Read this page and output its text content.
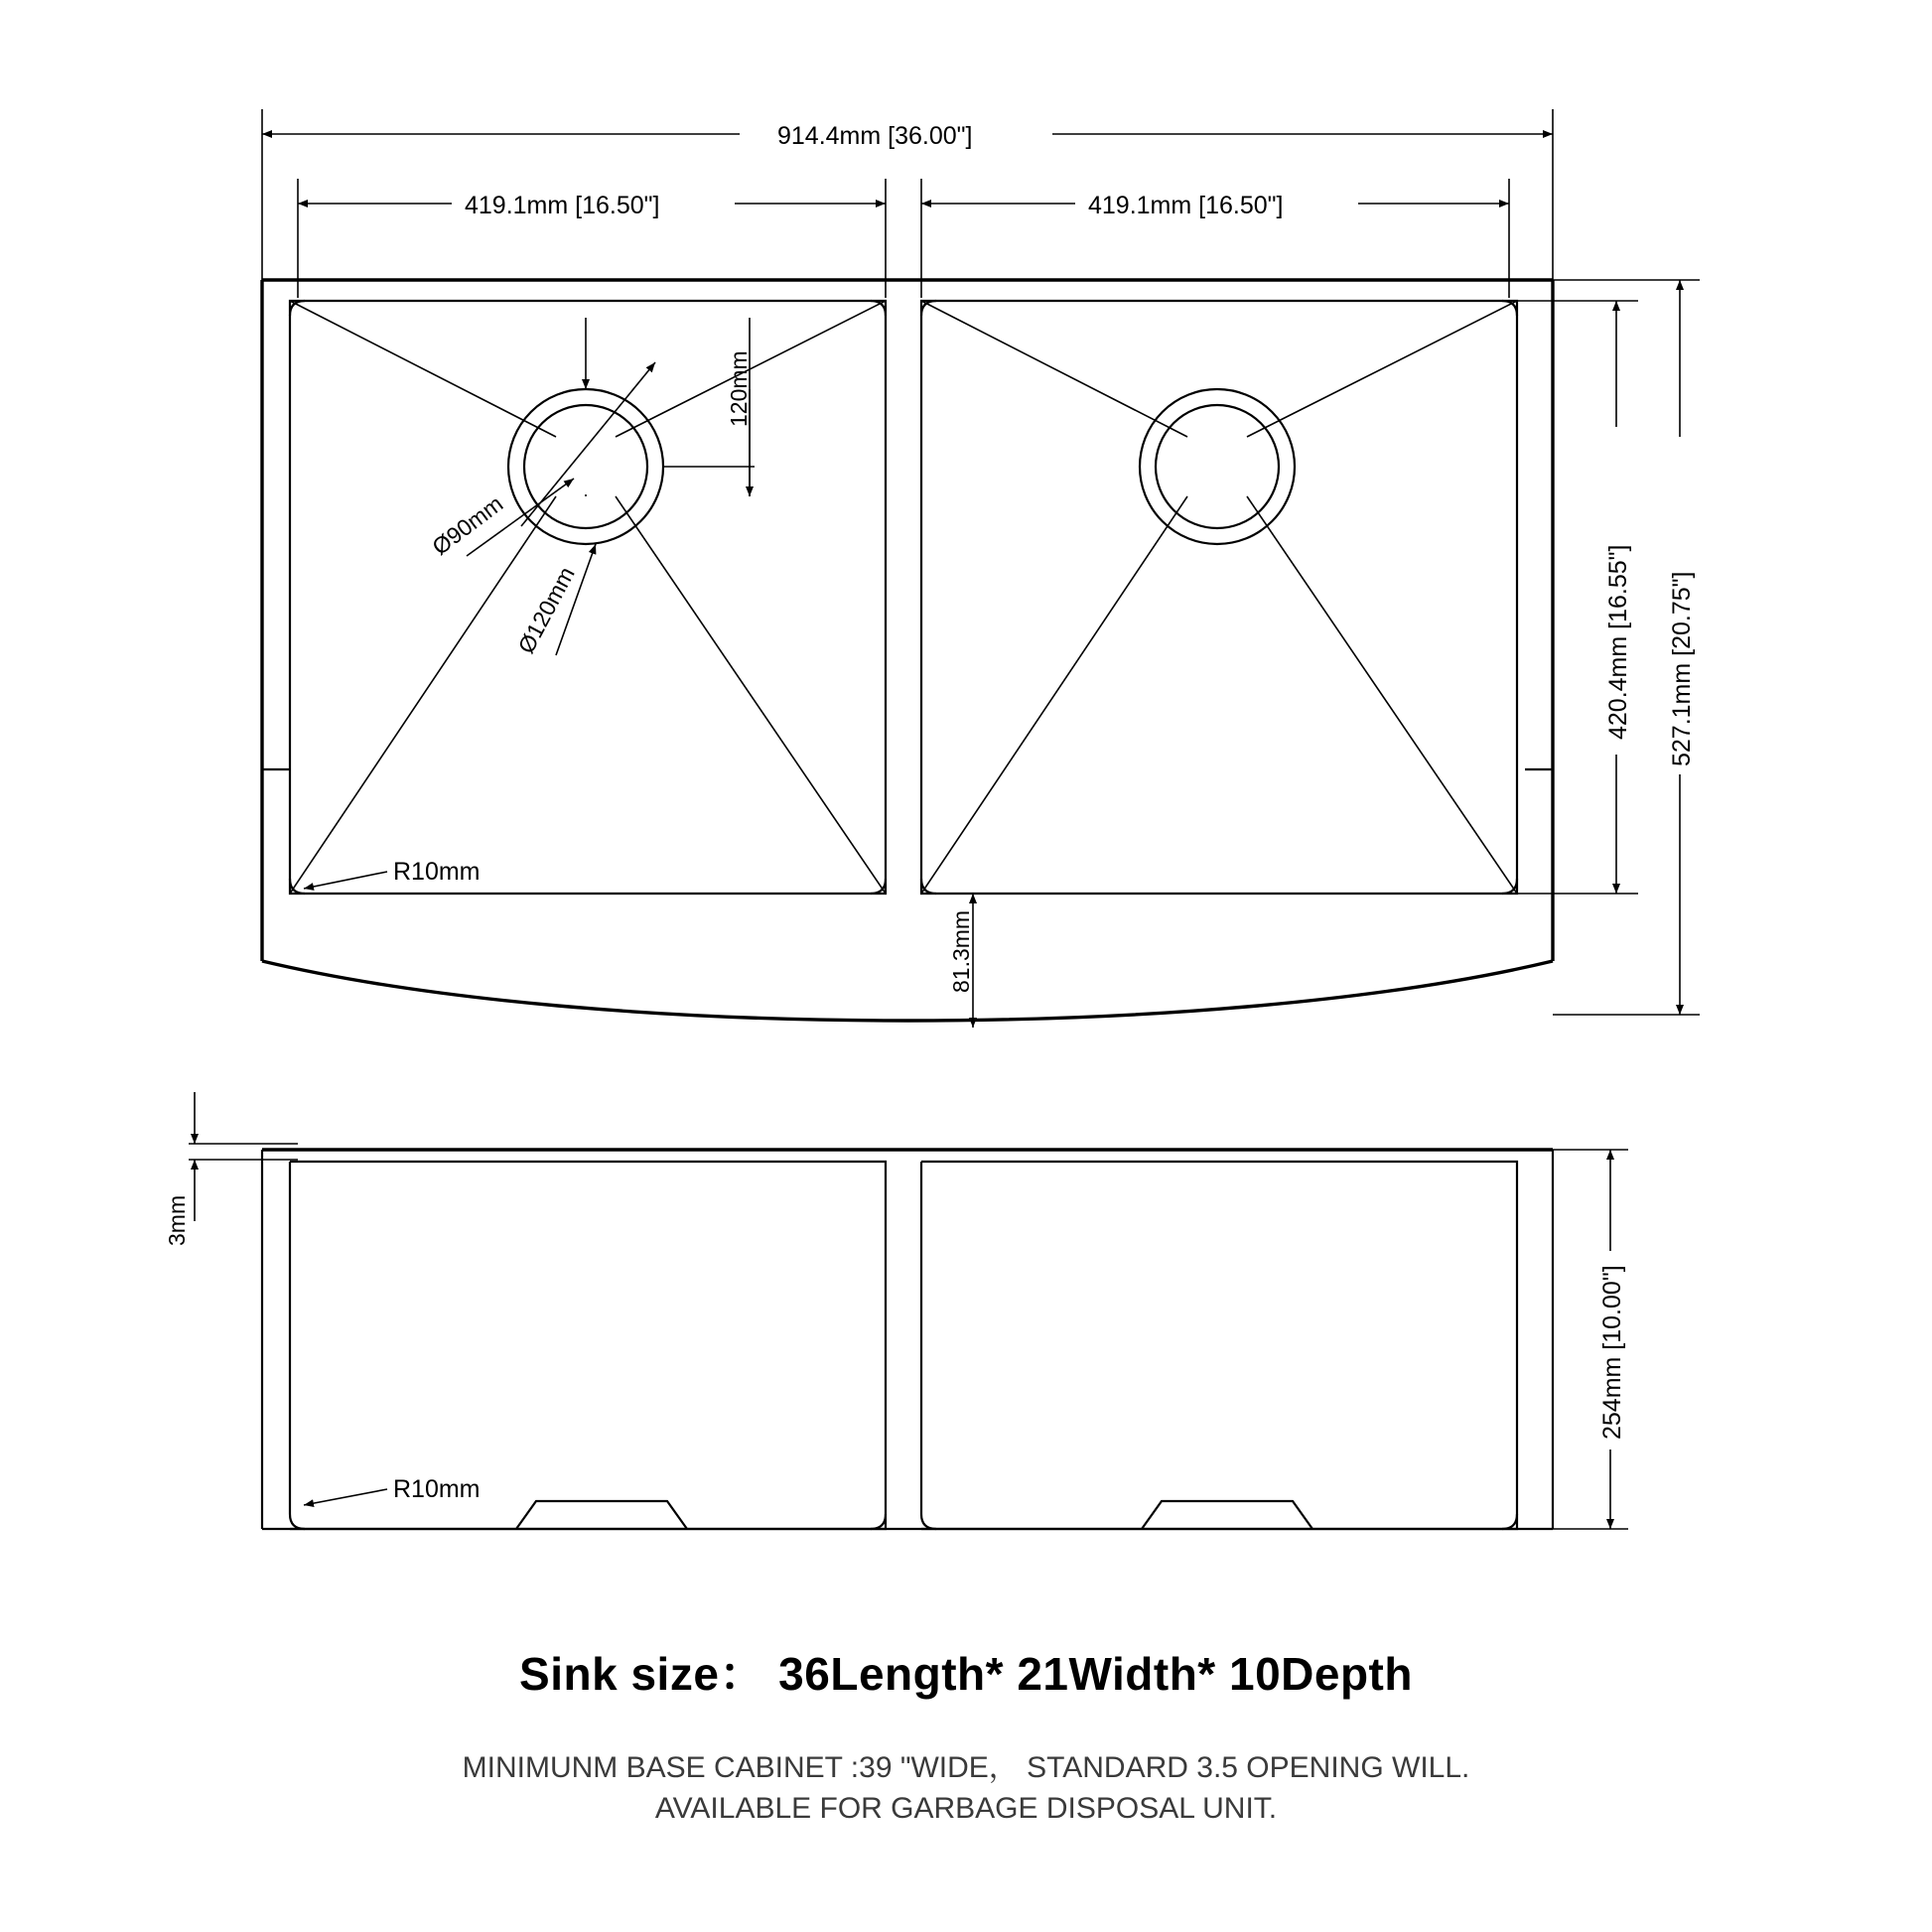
914.4mm [36.00"]
419.1mm [16.50"]	419.1mm [16.50"]
420.4mm [16.55"] 527.1mm [20.75"]
120mm
Ø90mm
Ø120mm
R10mm
81.3mm
3mm
254mm [10.00"]
R10mm
Sink size： 36Length* 21Width* 10Depth
MINIMUNM BASE CABINET :39 "WIDE， STANDARD 3.5 OPENING WILL.
AVAILABLE FOR GARBAGE DISPOSAL UNIT.
